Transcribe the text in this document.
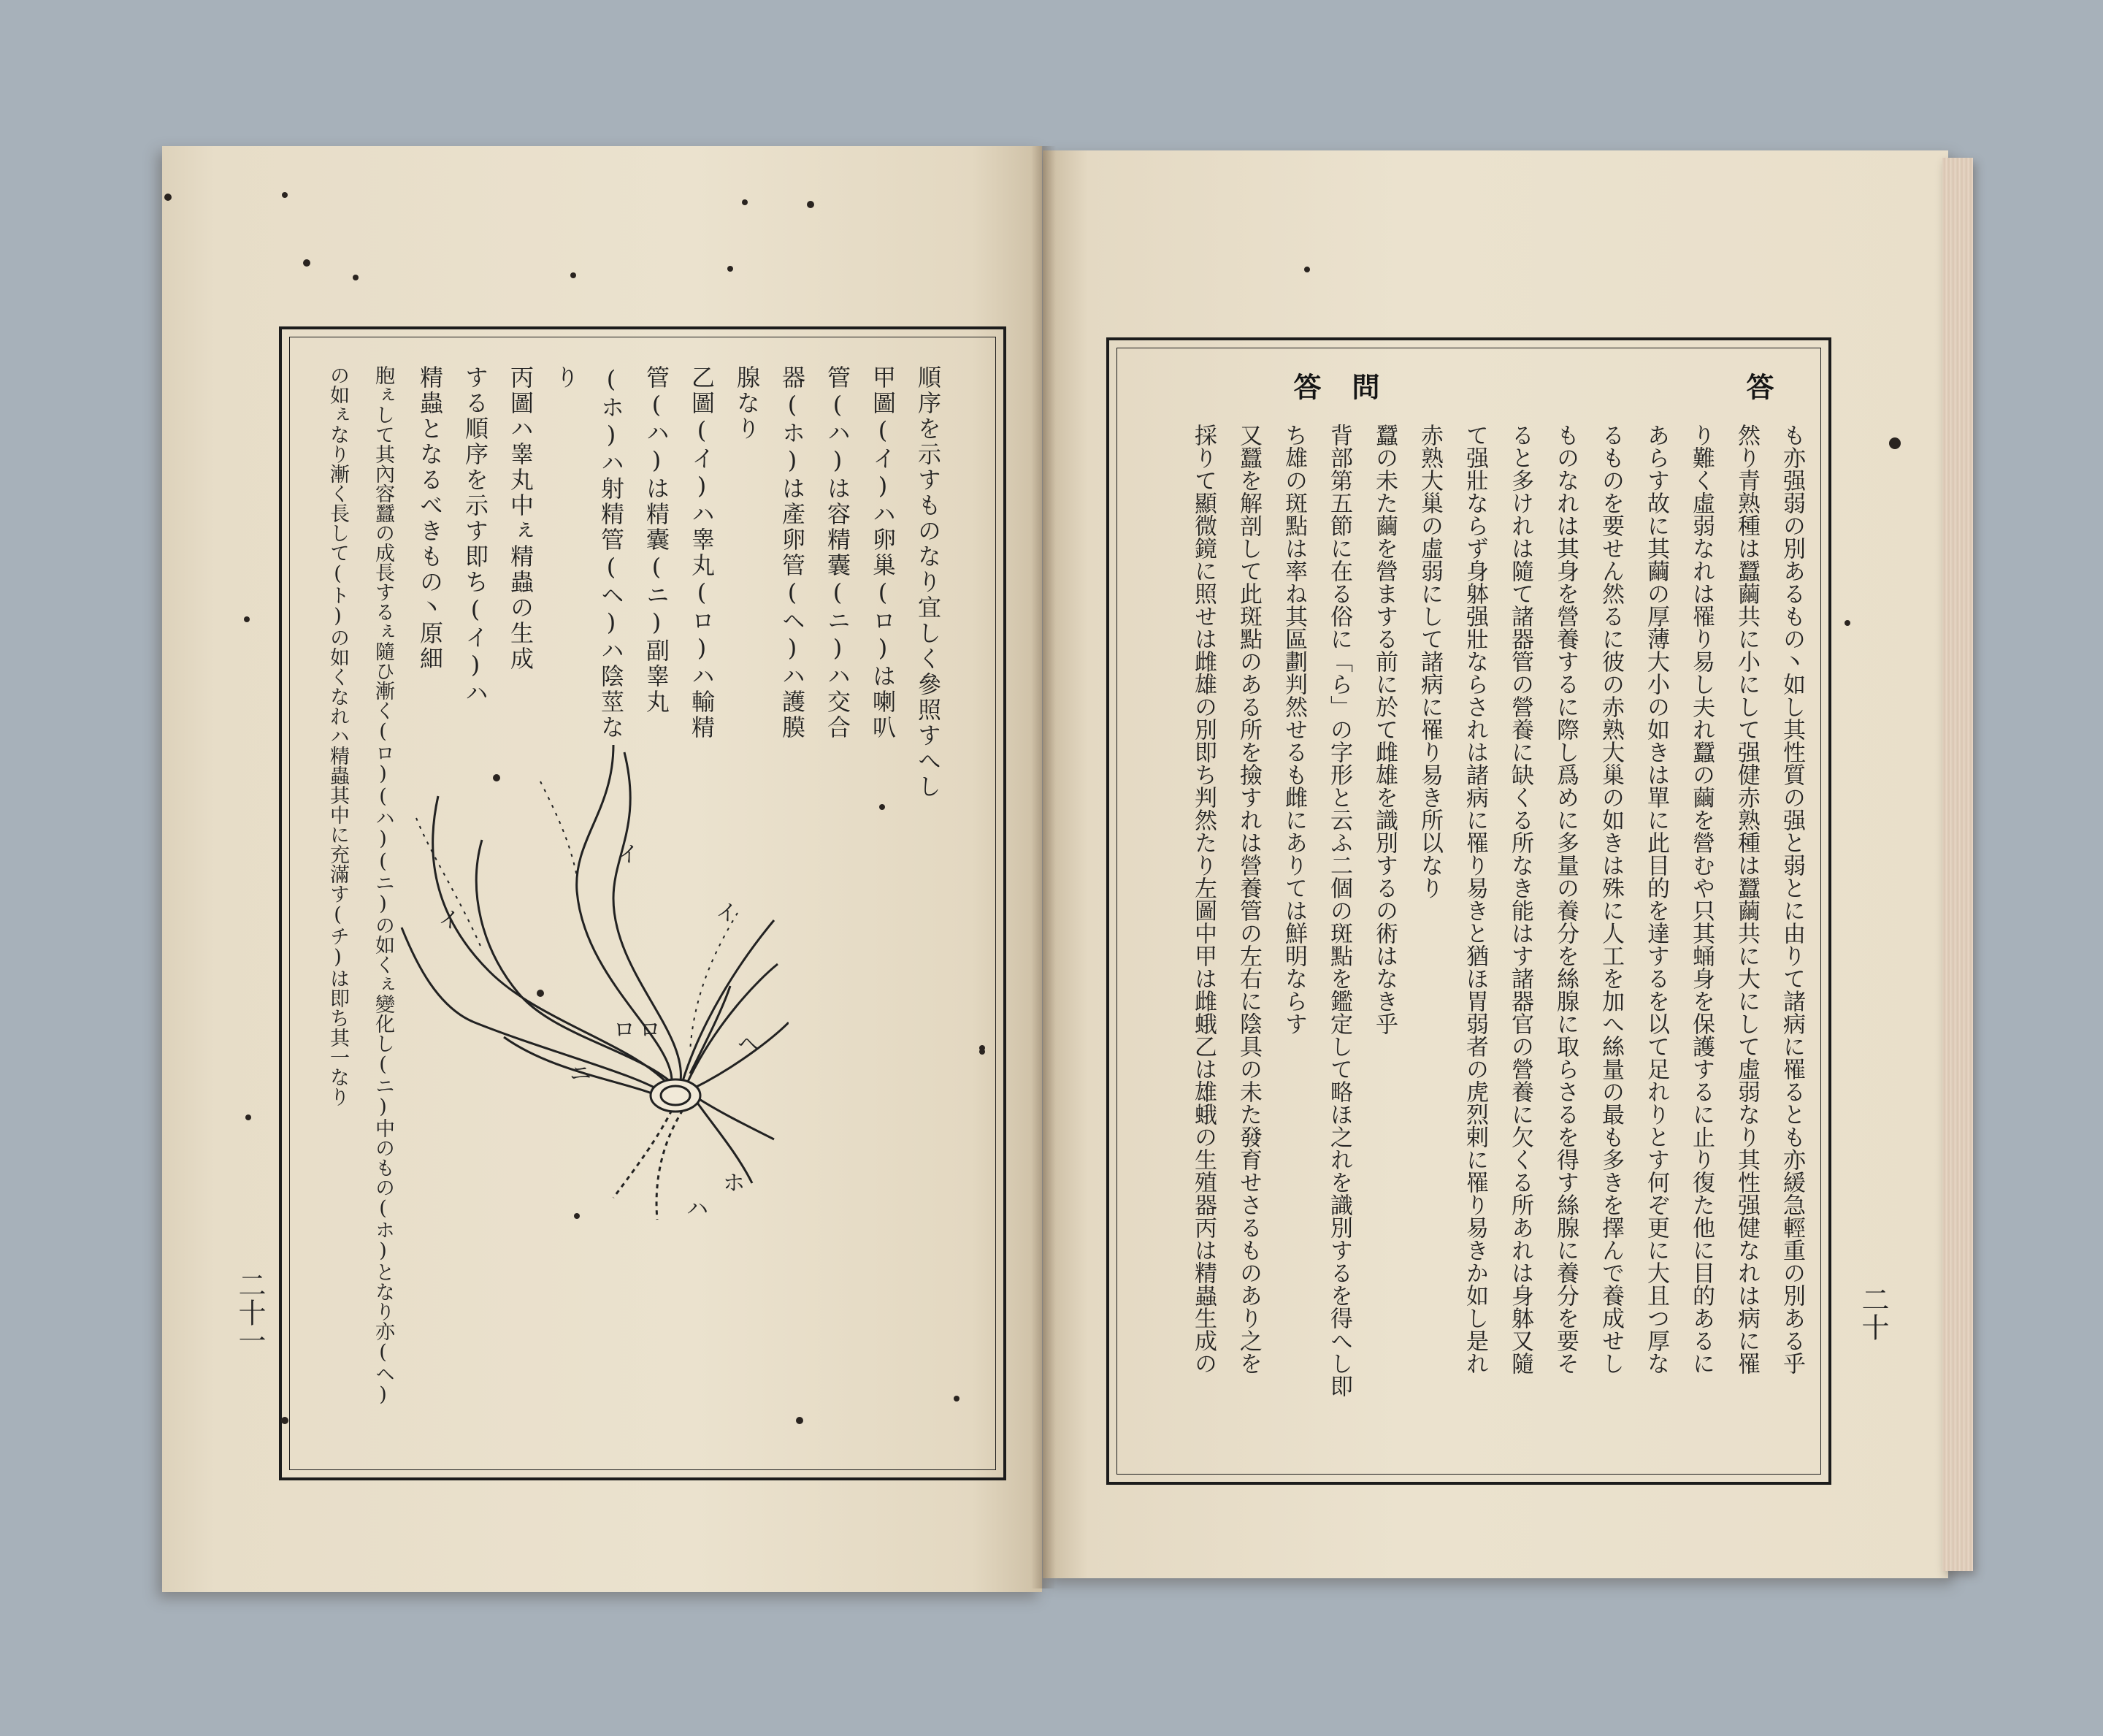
順序を示すものなり宜しく參照すへし
甲圖(イ)ハ卵巢(ロ)は喇叭
管(ハ)は容精囊(ニ)ハ交合
器(ホ)は產卵管(ヘ)ハ護膜
腺なり
乙圖(イ)ハ睾丸(ロ)ハ輸精
管(ハ)は精囊(ニ)副睾丸
(ホ)ハ射精管(ヘ)ハ陰莖な
り
丙圖ハ睾丸中ぇ精蟲の生成
する順序を示す即ち(イ)ハ
精蟲となるべきもの丶原細
胞ぇして其內容蠶の成長するぇ隨ひ漸く(ロ)(ハ)(ニ)の如くぇ變化し(ニ)中のもの(ホ)となり亦(ヘ)
の如ぇなり漸く長して(ト)の如くなれハ精蟲其中に充滿す(チ)は即ち其一なり	イ
イ	イ
ロ ロ
ニ
ヘ
ホ
ハ
二十一
答
問
答
も亦强弱の別あるもの丶如し其性質の强と弱とに由りて諸病に罹るとも亦緩急輕重の別ある乎
然り青熟種は蠶繭共に小にして强健赤熟種は蠶繭共に大にして虛弱なり其性强健なれは病に罹
り難く虛弱なれは罹り易し夫れ蠶の繭を營むや只其蛹身を保護するに止り復た他に目的あるに
あらす故に其繭の厚薄大小の如きは單に此目的を達するを以て足れりとす何ぞ更に大且つ厚な
るものを要せん然るに彼の赤熟大巢の如きは殊に人工を加へ絲量の最も多きを擇んで養成せし
ものなれは其身を營養するに際し爲めに多量の養分を絲腺に取らさるを得す絲腺に養分を要そ
ると多けれは隨て諸器管の營養に缺くる所なき能はす諸器官の營養に欠くる所あれは身躰又隨
て强壯ならず身躰强壯ならされは諸病に罹り易きと猶ほ胃弱者の虎烈剌に罹り易きか如し是れ
赤熟大巢の虛弱にして諸病に罹り易き所以なり
蠶の未た繭を營まする前に於て雌雄を識別するの術はなき乎
背部第五節に在る俗に「ら」の字形と云ふ二個の斑點を鑑定して略ほ之れを識別するを得へし即
ち雄の斑點は率ね其區劃判然せるも雌にありては鮮明ならす
又蠶を解剖して此斑點のある所を撿すれは營養管の左右に陰具の未た發育せさるものあり之を
採りて顯微鏡に照せは雌雄の別即ち判然たり左圖中甲は雌蛾乙は雄蛾の生殖器丙は精蟲生成の	二十
